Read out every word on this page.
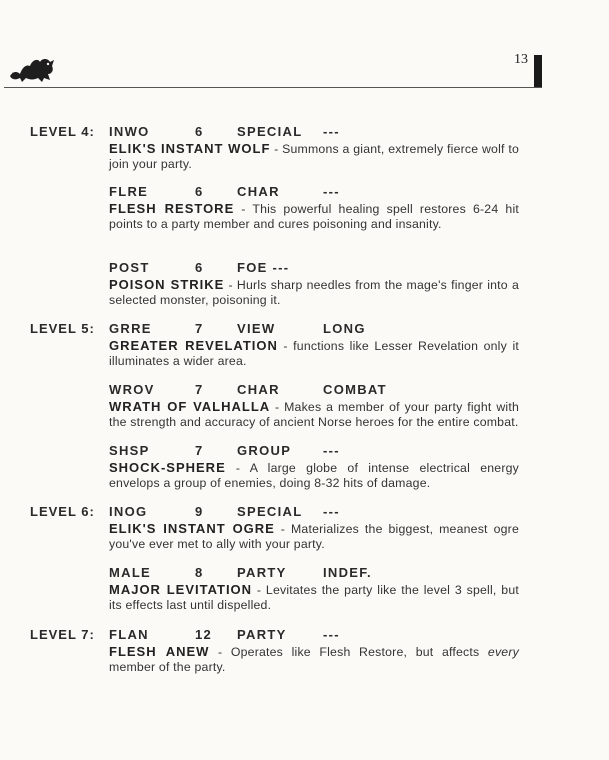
13
LEVEL 4: INWO	6	SPECIAL ---
ELIK'S INSTANT WOLF - Summons a giant, extremely fierce wolf to join your party.
FLRE	6	CHAR	---
FLESH RESTORE - This powerful healing spell restores 6-24 hit points to a party member and cures poisoning and insanity.
POST	6	FOE ---
POISON STRIKE - Hurls sharp needles from the mage's finger into a selected monster, poisoning it.
LEVEL 5: GRRE	7	VIEW	LONG
GREATER REVELATION - functions like Lesser Revelation only it illuminates a wider area.
WROV	7	CHAR	COMBAT
WRATH OF VALHALLA - Makes a member of your party fight with the strength and accuracy of ancient Norse heroes for the entire combat.
SHSP	7	GROUP ---
SHOCK-SPHERE - A large globe of intense electrical energy envelops a group of enemies, doing 8-32 hits of damage.
LEVEL 6: INOG	9	SPECIAL ---
ELIK'S INSTANT OGRE - Materializes the biggest, meanest ogre you've ever met to ally with your party.
MALE	8	PARTY	INDEF.
MAJOR LEVITATION - Levitates the party like the level 3 spell, but its effects last until dispelled.
LEVEL 7: FLAN	12 PARTY	---
FLESH ANEW - Operates like Flesh Restore, but affects every member of the party.
